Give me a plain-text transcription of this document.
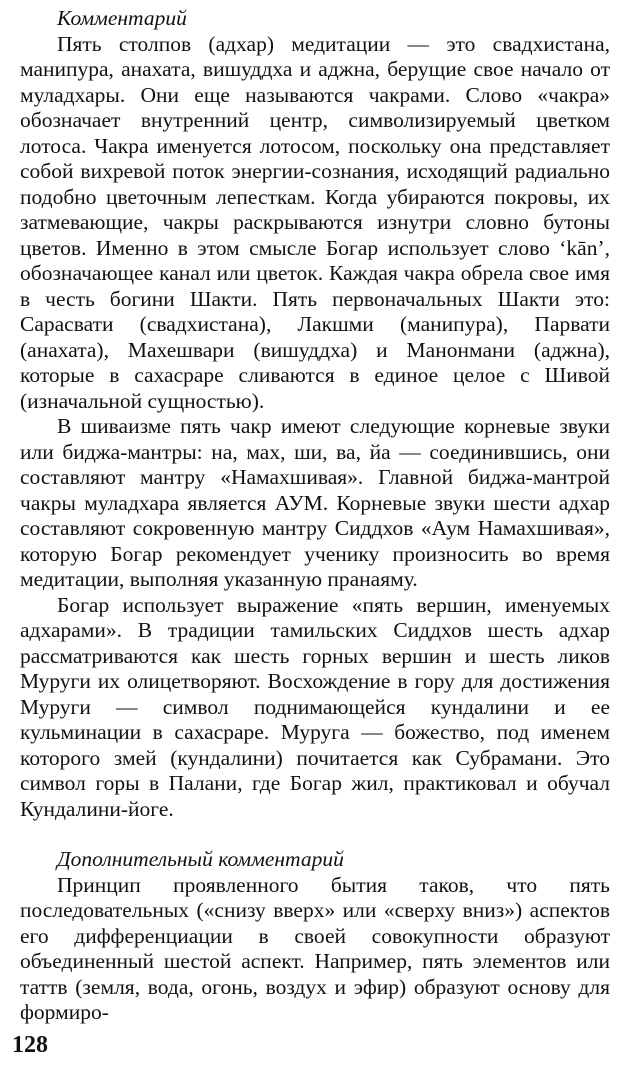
Комментарий

Пять столпов (адхар) медитации — это свадхистана, манипура, анахата, вишуддха и аджна, берущие свое начало от муладхары. Они еще называются чакрами. Слово «чакра» обозначает внутренний центр, символизируемый цветком лотоса. Чакра именуется лотосом, поскольку она представляет собой вихревой поток энергии-сознания, исходящий радиально подобно цветочным лепесткам. Когда убираются покровы, их затмевающие, чакры раскрываются изнутри словно бутоны цветов. Именно в этом смысле Богар использует слово ‘kān’, обозначающее канал или цветок. Каждая чакра обрела свое имя в честь богини Шакти. Пять первоначальных Шакти это: Сарасвати (свадхистана), Лакшми (манипура), Парвати (анахата), Махешвари (вишуддха) и Манонмани (аджна), которые в сахасраре сливаются в единое целое с Шивой (изначальной сущностью).

В шиваизме пять чакр имеют следующие корневые звуки или биджа-мантры: на, мах, ши, ва, йа — соединившись, они составляют мантру «Намахшивая». Главной биджа-мантрой чакры муладхара является АУМ. Корневые звуки шести адхар составляют сокровенную мантру Сиддхов «Аум Намахшивая», которую Богар рекомендует ученику произносить во время медитации, выполняя указанную пранаяму.

Богар использует выражение «пять вершин, именуемых адхарами». В традиции тамильских Сиддхов шесть адхар рассматриваются как шесть горных вершин и шесть ликов Муруги их олицетворяют. Восхождение в гору для достижения Муруги — символ поднимающейся кундалини и ее кульминации в сахасраре. Муруга — божество, под именем которого змей (кундалини) почитается как Субрамани. Это символ горы в Палани, где Богар жил, практиковал и обучал Кундалини-йоге.

Дополнительный комментарий

Принцип проявленного бытия таков, что пять последовательных («снизу вверх» или «сверху вниз») аспектов его дифференциации в своей совокупности образуют объединенный шестой аспект. Например, пять элементов или таттв (земля, вода, огонь, воздух и эфир) образуют основу для формиро-

128
